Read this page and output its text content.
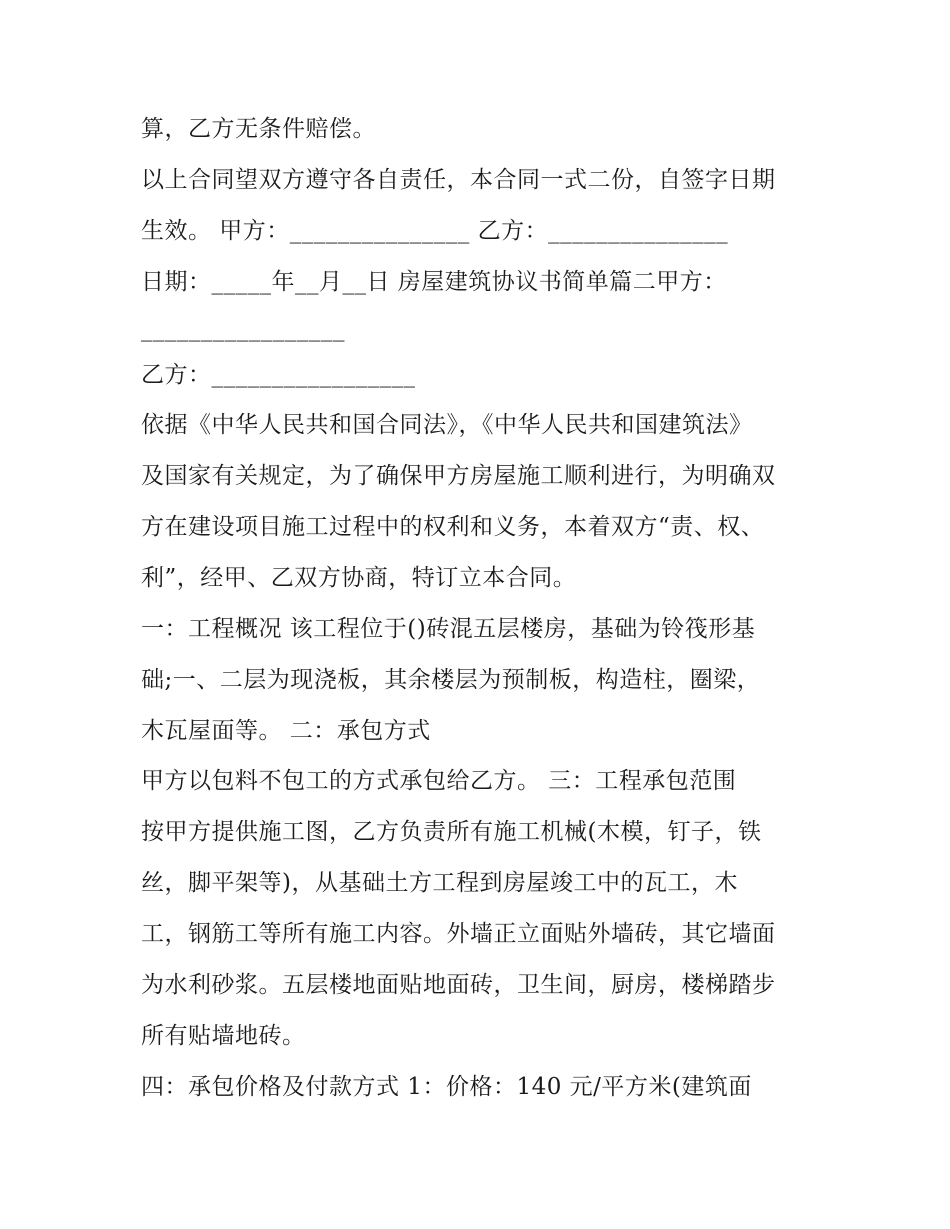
算，乙方无条件赔偿。
以上合同望双方遵守各自责任，本合同一式二份，自签字日期
生效。 甲方：_______________ 乙方：_______________
日期：_____年__月__日 房屋建筑协议书简单篇二甲方：
_________________
乙方：_________________
依据《中华人民共和国合同法》，《中华人民共和国建筑法》
及国家有关规定，为了确保甲方房屋施工顺利进行，为明确双
方在建设项目施工过程中的权利和义务，本着双方“责、权、
利”，经甲、乙双方协商，特订立本合同。
一：工程概况 该工程位于()砖混五层楼房，基础为铃筏形基
础;一、二层为现浇板，其余楼层为预制板，构造柱，圈梁，
木瓦屋面等。 二：承包方式
甲方以包料不包工的方式承包给乙方。 三：工程承包范围
按甲方提供施工图，乙方负责所有施工机械(木模，钉子，铁
丝，脚平架等)，从基础土方工程到房屋竣工中的瓦工，木
工，钢筋工等所有施工内容。外墙正立面贴外墙砖，其它墙面
为水利砂浆。五层楼地面贴地面砖，卫生间，厨房，楼梯踏步
所有贴墙地砖。
四：承包价格及付款方式 1：价格：140 元/平方米(建筑面
